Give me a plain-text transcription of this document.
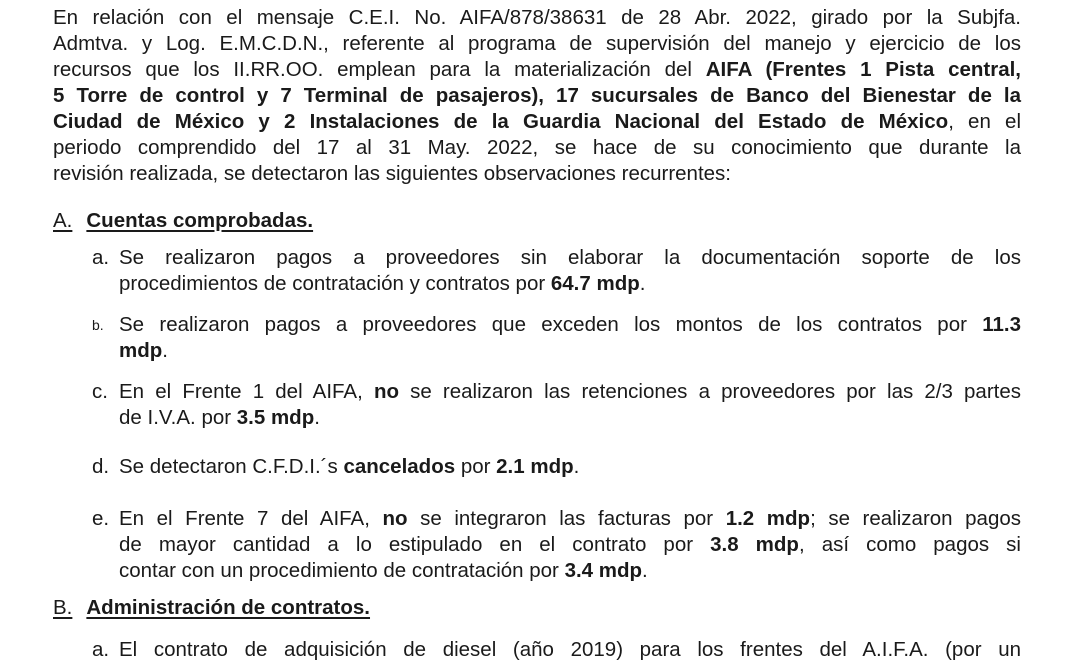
En relación con el mensaje C.E.I. No. AIFA/878/38631 de 28 Abr. 2022, girado por la Subjfa.
Admtva. y Log. E.M.C.D.N., referente al programa de supervisión del manejo y ejercicio de los
recursos que los II.RR.OO. emplean para la materialización del AIFA (Frentes 1 Pista central,
5 Torre de control y 7 Terminal de pasajeros), 17 sucursales de Banco del Bienestar de la
Ciudad de México y 2 Instalaciones de la Guardia Nacional del Estado de México, en el
periodo comprendido del 17 al 31 May. 2022, se hace de su conocimiento que durante la
revisión realizada, se detectaron las siguientes observaciones recurrentes:
A. Cuentas comprobadas.
a. Se realizaron pagos a proveedores sin elaborar la documentación soporte de los
procedimientos de contratación y contratos por 64.7 mdp.
b. Se realizaron pagos a proveedores que exceden los montos de los contratos por 11.3
mdp.
c. En el Frente 1 del AIFA, no se realizaron las retenciones a proveedores por las 2/3 partes
de I.V.A. por 3.5 mdp.
d. Se detectaron C.F.D.I.´s cancelados por 2.1 mdp.
e. En el Frente 7 del AIFA, no se integraron las facturas por 1.2 mdp; se realizaron pagos
de mayor cantidad a lo estipulado en el contrato por 3.8 mdp, así como pagos si
contar con un procedimiento de contratación por 3.4 mdp.
B. Administración de contratos.
a. El contrato de adquisición de diesel (año 2019) para los frentes del A.I.F.A. (por un
